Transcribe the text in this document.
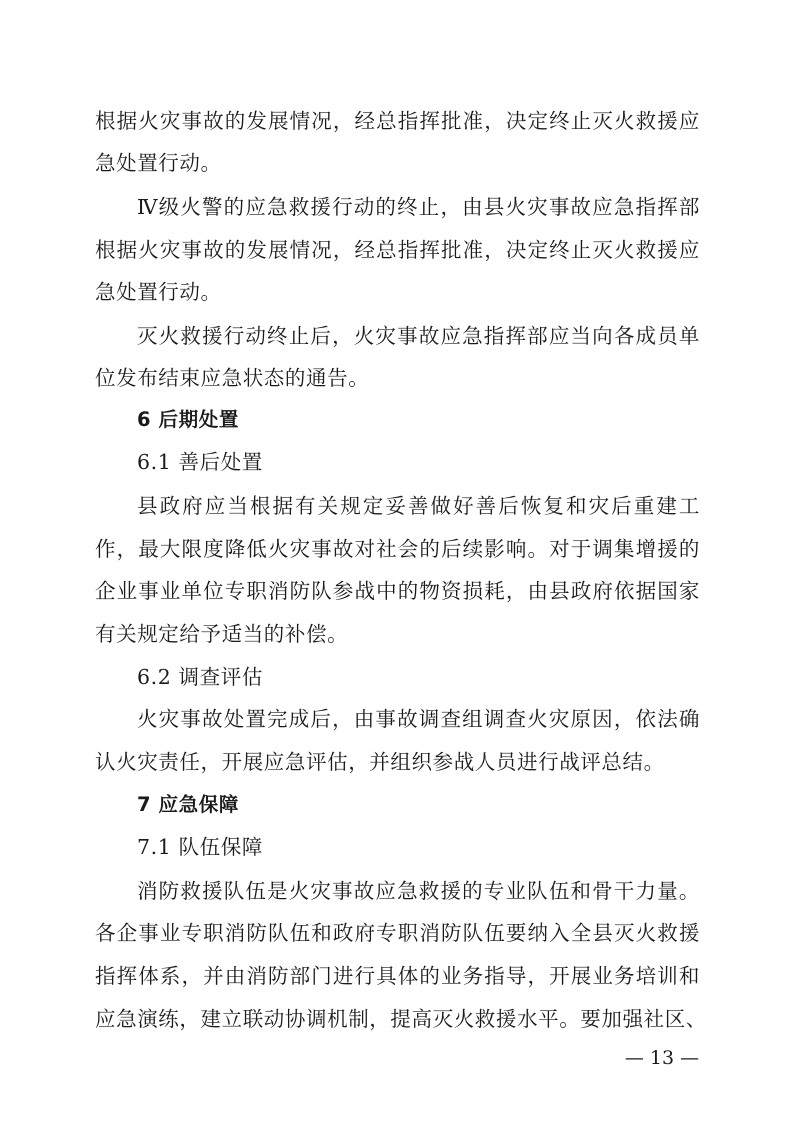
根据火灾事故的发展情况，经总指挥批准，决定终止灭火救援应
急处置行动。
Ⅳ级火警的应急救援行动的终止，由县火灾事故应急指挥部
根据火灾事故的发展情况，经总指挥批准，决定终止灭火救援应
急处置行动。
灭火救援行动终止后，火灾事故应急指挥部应当向各成员单
位发布结束应急状态的通告。
6 后期处置
6.1 善后处置
县政府应当根据有关规定妥善做好善后恢复和灾后重建工
作，最大限度降低火灾事故对社会的后续影响。对于调集增援的
企业事业单位专职消防队参战中的物资损耗，由县政府依据国家
有关规定给予适当的补偿。
6.2 调查评估
火灾事故处置完成后，由事故调查组调查火灾原因，依法确
认火灾责任，开展应急评估，并组织参战人员进行战评总结。
7 应急保障
7.1 队伍保障
消防救援队伍是火灾事故应急救援的专业队伍和骨干力量。
各企事业专职消防队伍和政府专职消防队伍要纳入全县灭火救援
指挥体系，并由消防部门进行具体的业务指导，开展业务培训和
应急演练，建立联动协调机制，提高灭火救援水平。要加强社区、
— 13 —
